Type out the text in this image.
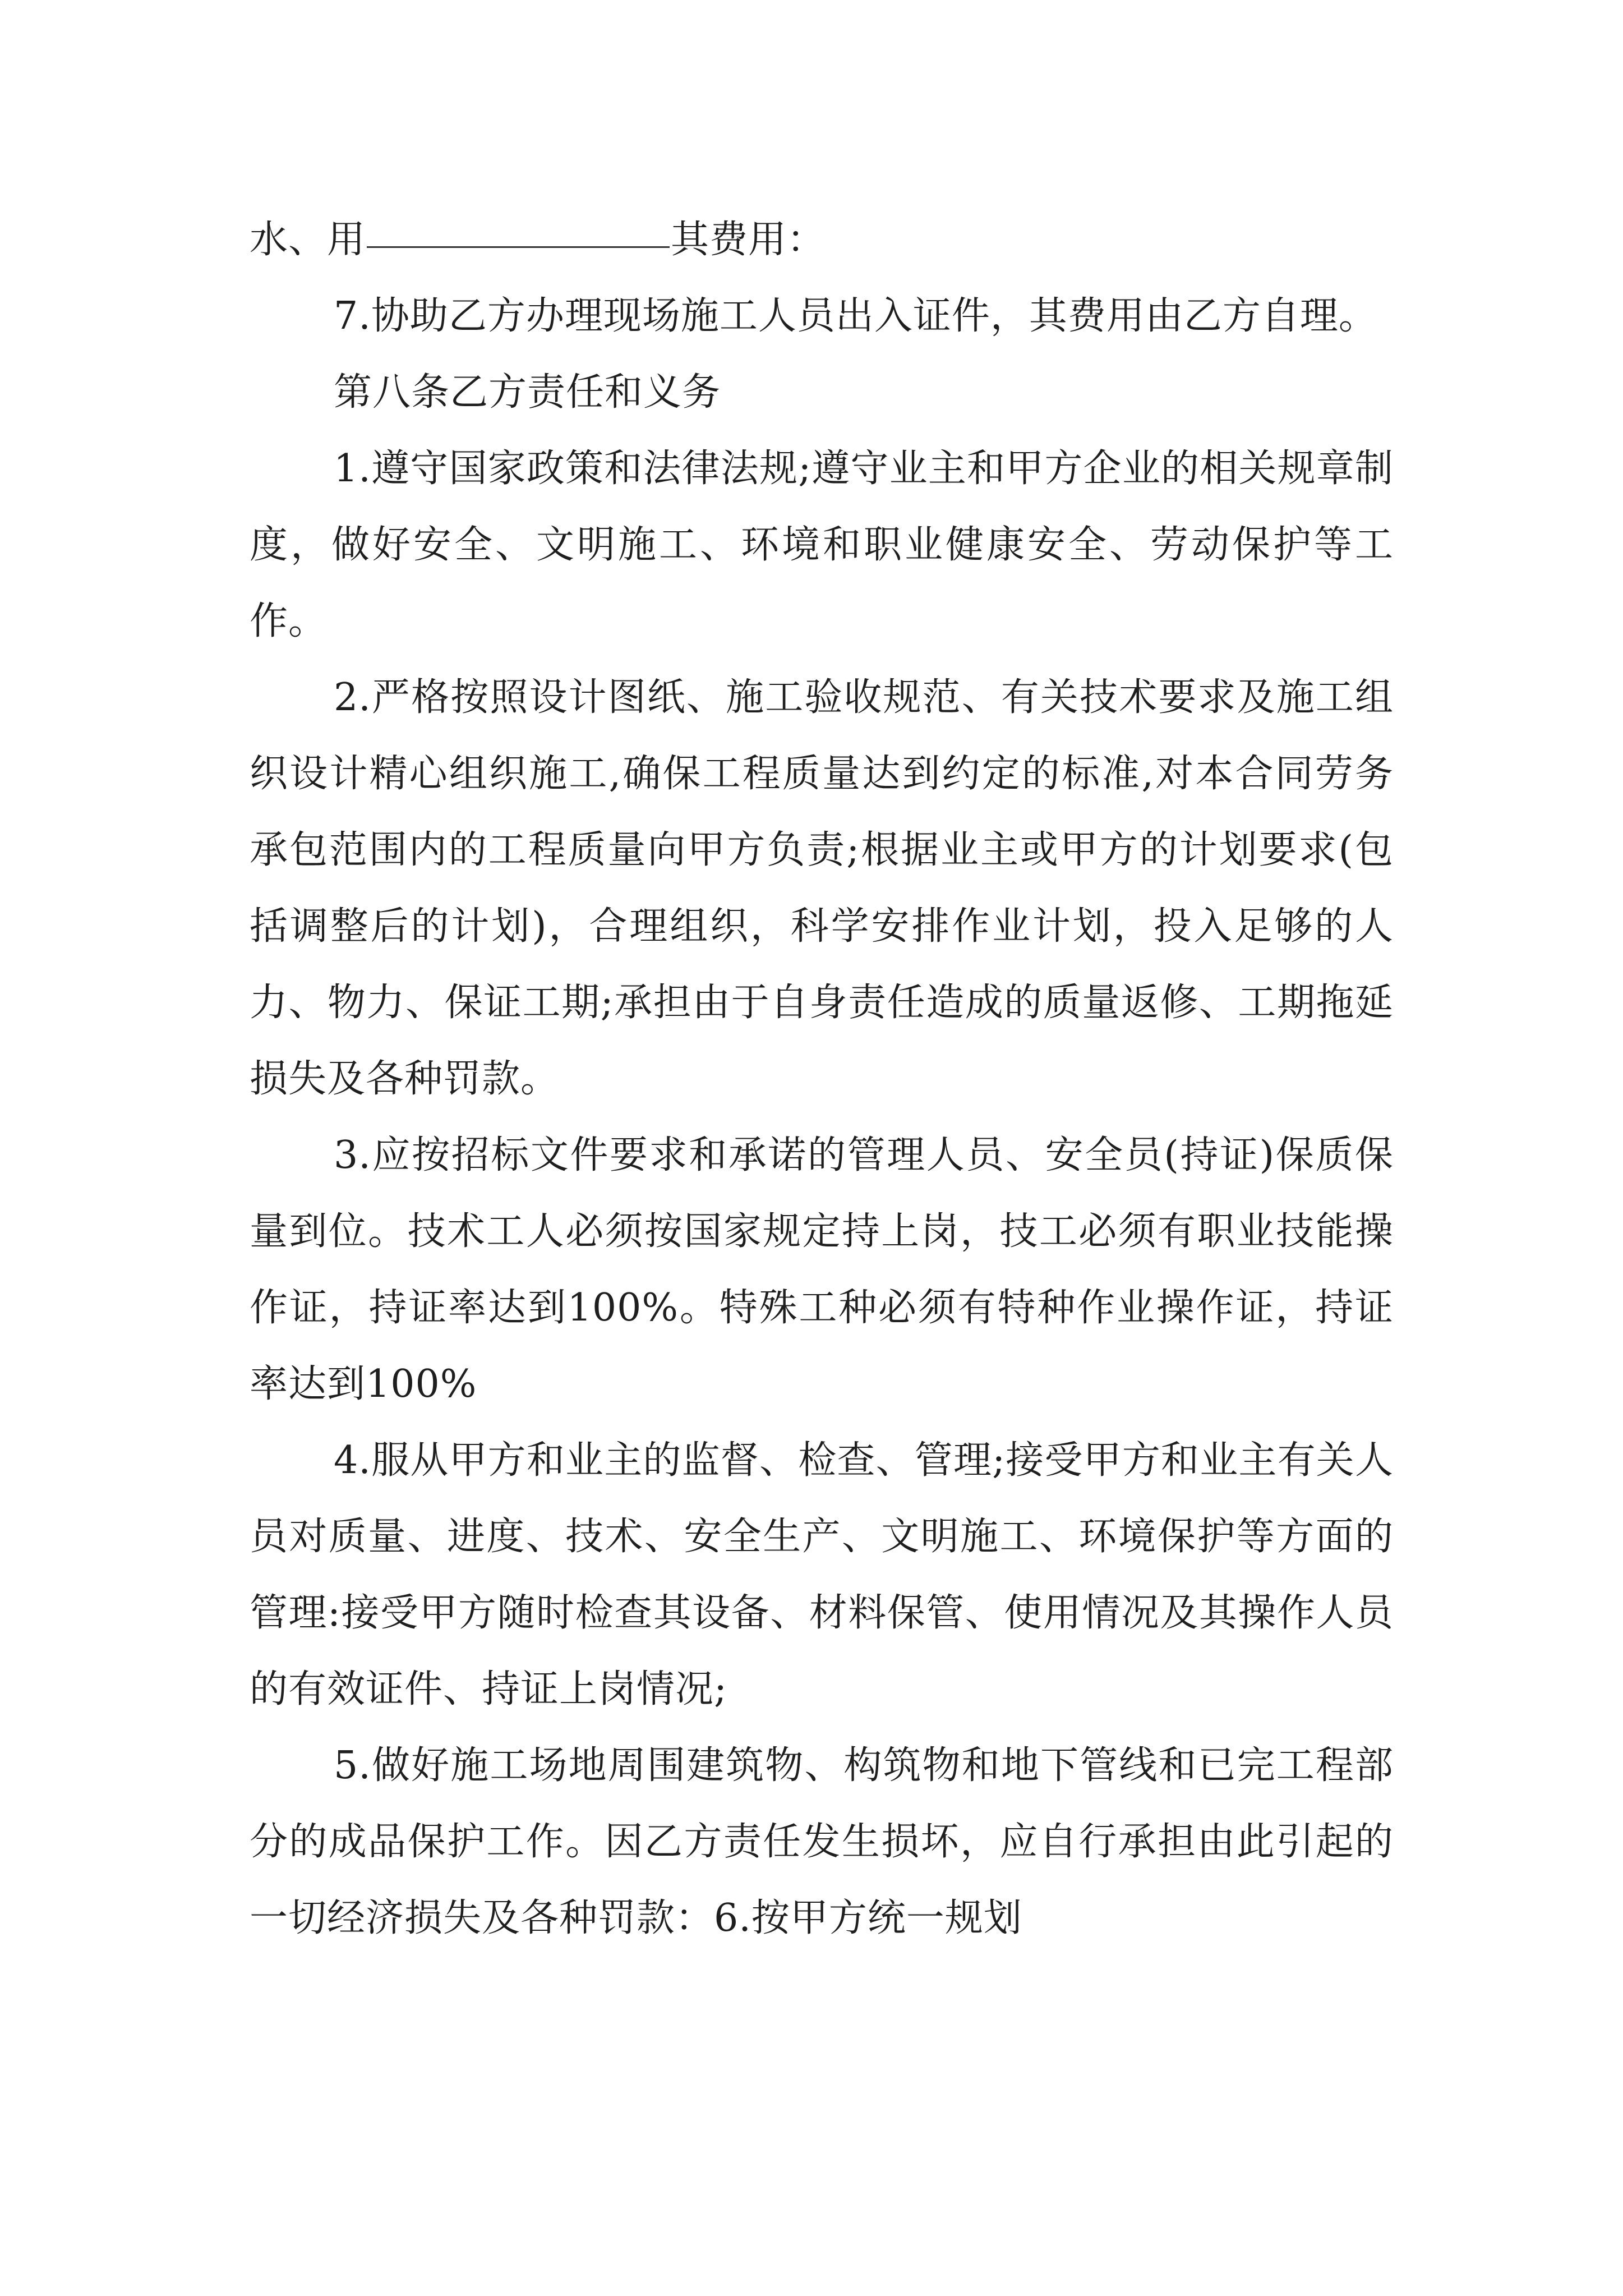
水、用	其费用：

7.协助乙方办理现场施工人员出入证件，其费用由乙方自理。

第八条乙方责任和义务

1.遵守国家政策和法律法规;遵守业主和甲方企业的相关规章制度，做好安全、文明施工、环境和职业健康安全、劳动保护等工作。

2.严格按照设计图纸、施工验收规范、有关技术要求及施工组织设计精心组织施工,确保工程质量达到约定的标准,对本合同劳务承包范围内的工程质量向甲方负责;根据业主或甲方的计划要求(包括调整后的计划)，合理组织，科学安排作业计划，投入足够的人力、物力、保证工期;承担由于自身责任造成的质量返修、工期拖延损失及各种罚款。

3.应按招标文件要求和承诺的管理人员、安全员(持证)保质保量到位。技术工人必须按国家规定持上岗，技工必须有职业技能操作证，持证率达到100%。特殊工种必须有特种作业操作证，持证率达到100%

4.服从甲方和业主的监督、检查、管理;接受甲方和业主有关人员对质量、进度、技术、安全生产、文明施工、环境保护等方面的管理:接受甲方随时检查其设备、材料保管、使用情况及其操作人员的有效证件、持证上岗情况;

5.做好施工场地周围建筑物、构筑物和地下管线和已完工程部分的成品保护工作。因乙方责任发生损坏，应自行承担由此引起的一切经济损失及各种罚款：6.按甲方统一规划
